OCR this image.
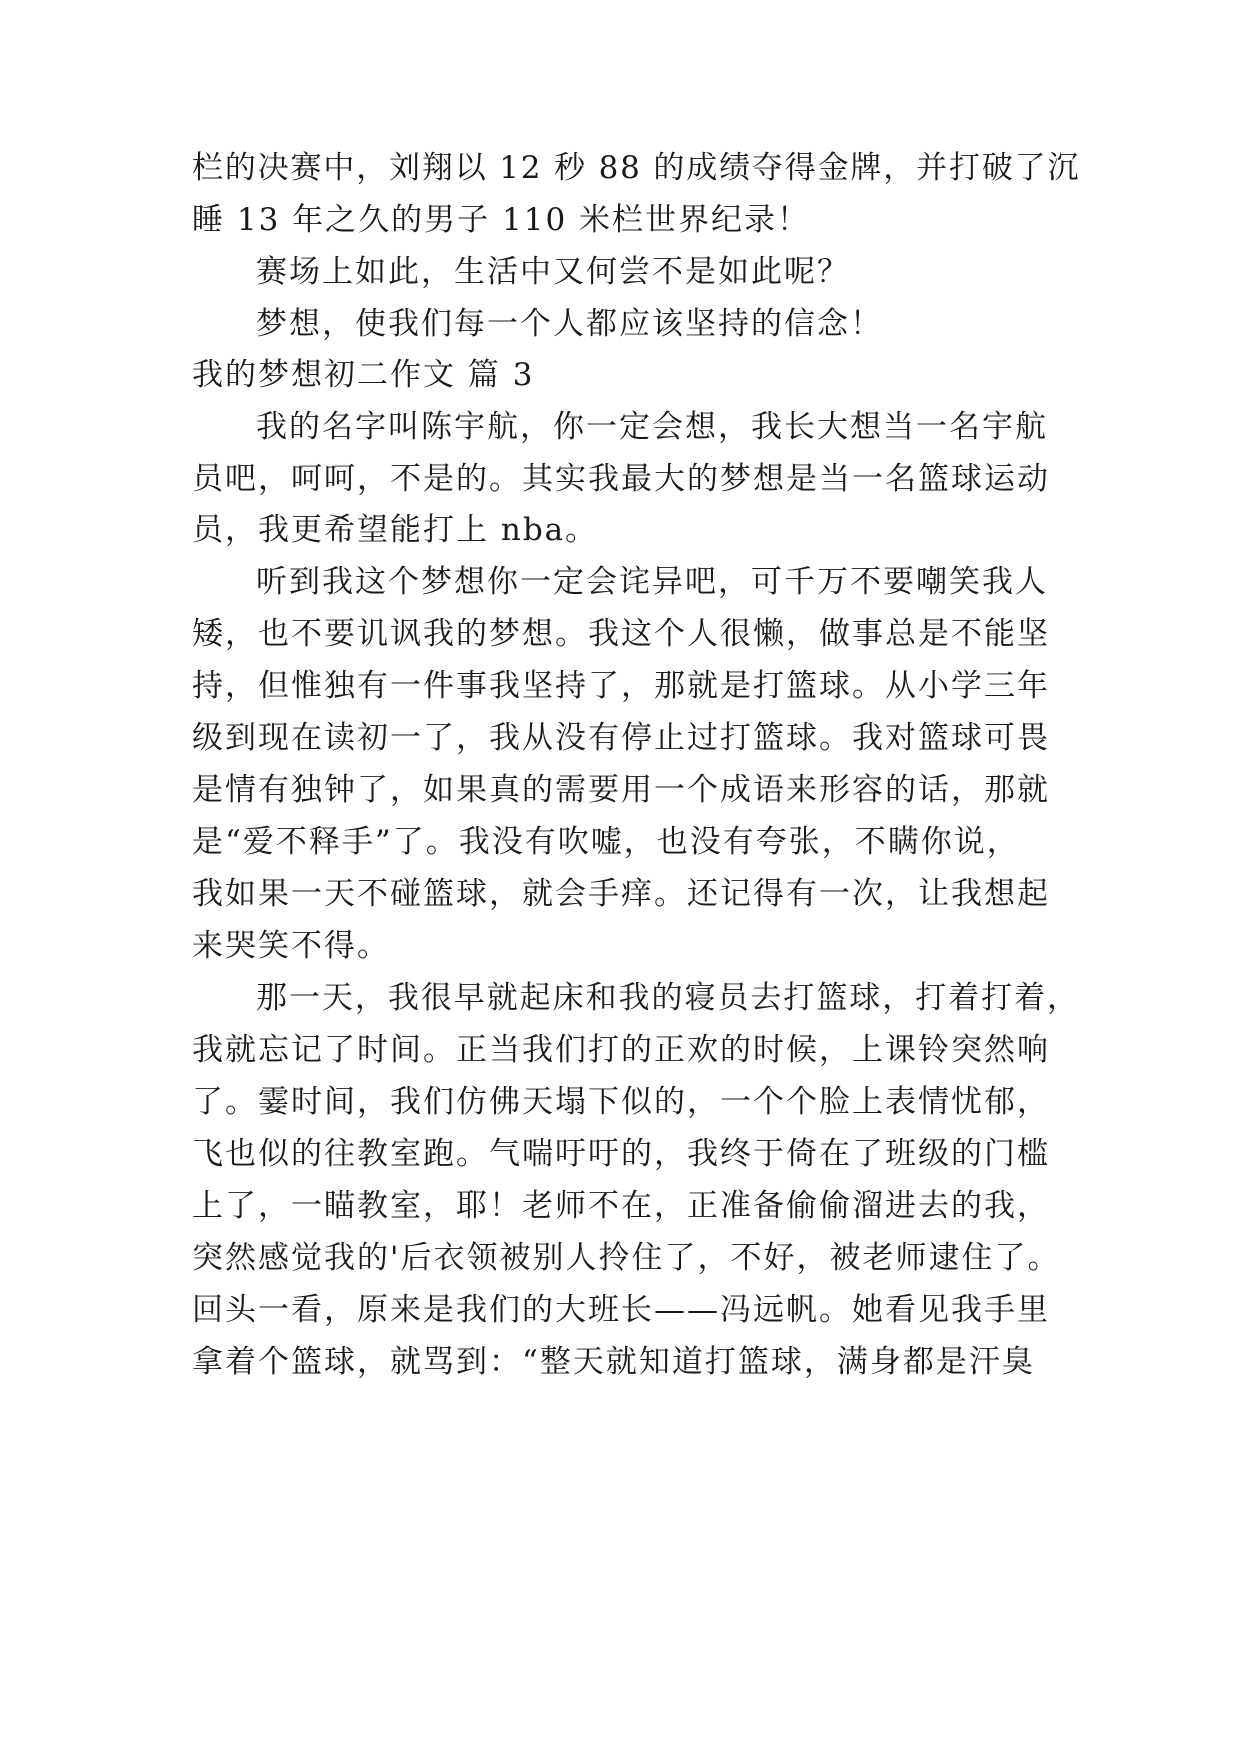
栏的决赛中，刘翔以 12 秒 88 的成绩夺得金牌，并打破了沉
睡 13 年之久的男子 110 米栏世界纪录！
赛场上如此，生活中又何尝不是如此呢？
梦想，使我们每一个人都应该坚持的信念！
我的梦想初二作文 篇 3
我的名字叫陈宇航，你一定会想，我长大想当一名宇航
员吧，呵呵，不是的。其实我最大的梦想是当一名篮球运动
员，我更希望能打上 nba。
听到我这个梦想你一定会诧异吧，可千万不要嘲笑我人
矮，也不要讥讽我的梦想。我这个人很懒，做事总是不能坚
持，但惟独有一件事我坚持了，那就是打篮球。从小学三年
级到现在读初一了，我从没有停止过打篮球。我对篮球可畏
是情有独钟了，如果真的需要用一个成语来形容的话，那就
是“爱不释手”了。我没有吹嘘，也没有夸张，不瞒你说，
我如果一天不碰篮球，就会手痒。还记得有一次，让我想起
来哭笑不得。
那一天，我很早就起床和我的寝员去打篮球，打着打着，
我就忘记了时间。正当我们打的正欢的时候，上课铃突然响
了。霎时间，我们仿佛天塌下似的，一个个脸上表情忧郁，
飞也似的往教室跑。气喘吁吁的，我终于倚在了班级的门槛
上了，一瞄教室，耶！老师不在，正准备偷偷溜进去的我，
突然感觉我的'后衣领被别人拎住了，不好，被老师逮住了。
回头一看，原来是我们的大班长——冯远帆。她看见我手里
拿着个篮球，就骂到：“整天就知道打篮球，满身都是汗臭
